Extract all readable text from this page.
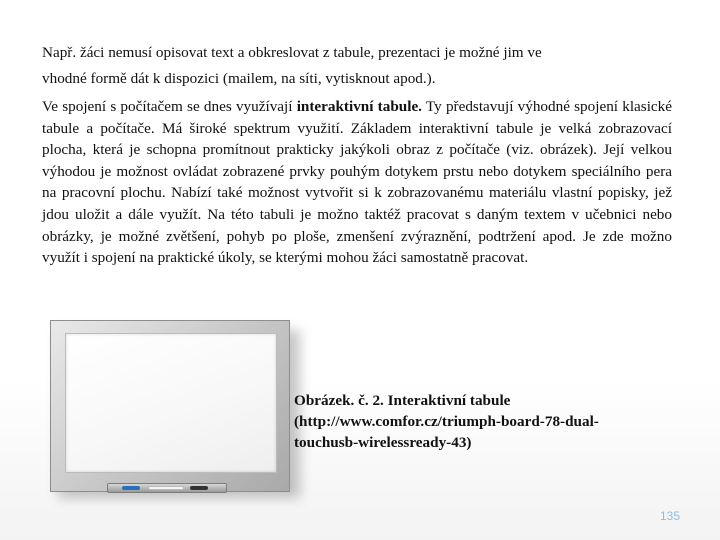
Např. žáci nemusí opisovat text a obkreslovat z tabule, prezentaci je možné jim ve
vhodné formě dát k dispozici (mailem, na síti, vytisknout apod.).

Ve spojení s počítačem se dnes využívají interaktivní tabule. Ty představují výhodné spojení klasické tabule a počítače. Má široké spektrum využití. Základem interaktivní tabule je velká zobrazovací plocha, která je schopna promítnout prakticky jakýkoli obraz z počítače (viz. obrázek). Její velkou výhodou je možnost ovládat zobrazené prvky pouhým dotykem prstu nebo dotykem speciálního pera na pracovní plochu. Nabízí také možnost vytvořit si k zobrazovanému materiálu vlastní popisky, jež jdou uložit a dále využít. Na této tabuli je možno taktéž pracovat s daným textem v učebnici nebo obrázky, je možné zvětšení, pohyb po ploše, zmenšení zvýraznění, podtržení apod. Je zde možno využít i spojení na praktické úkoly, se kterými mohou žáci samostatně pracovat.

Obrázek. č. 2. Interaktivní tabule
(http://www.comfor.cz/triumph-board-78-dual-
touchusb-wirelessready-43)
135
